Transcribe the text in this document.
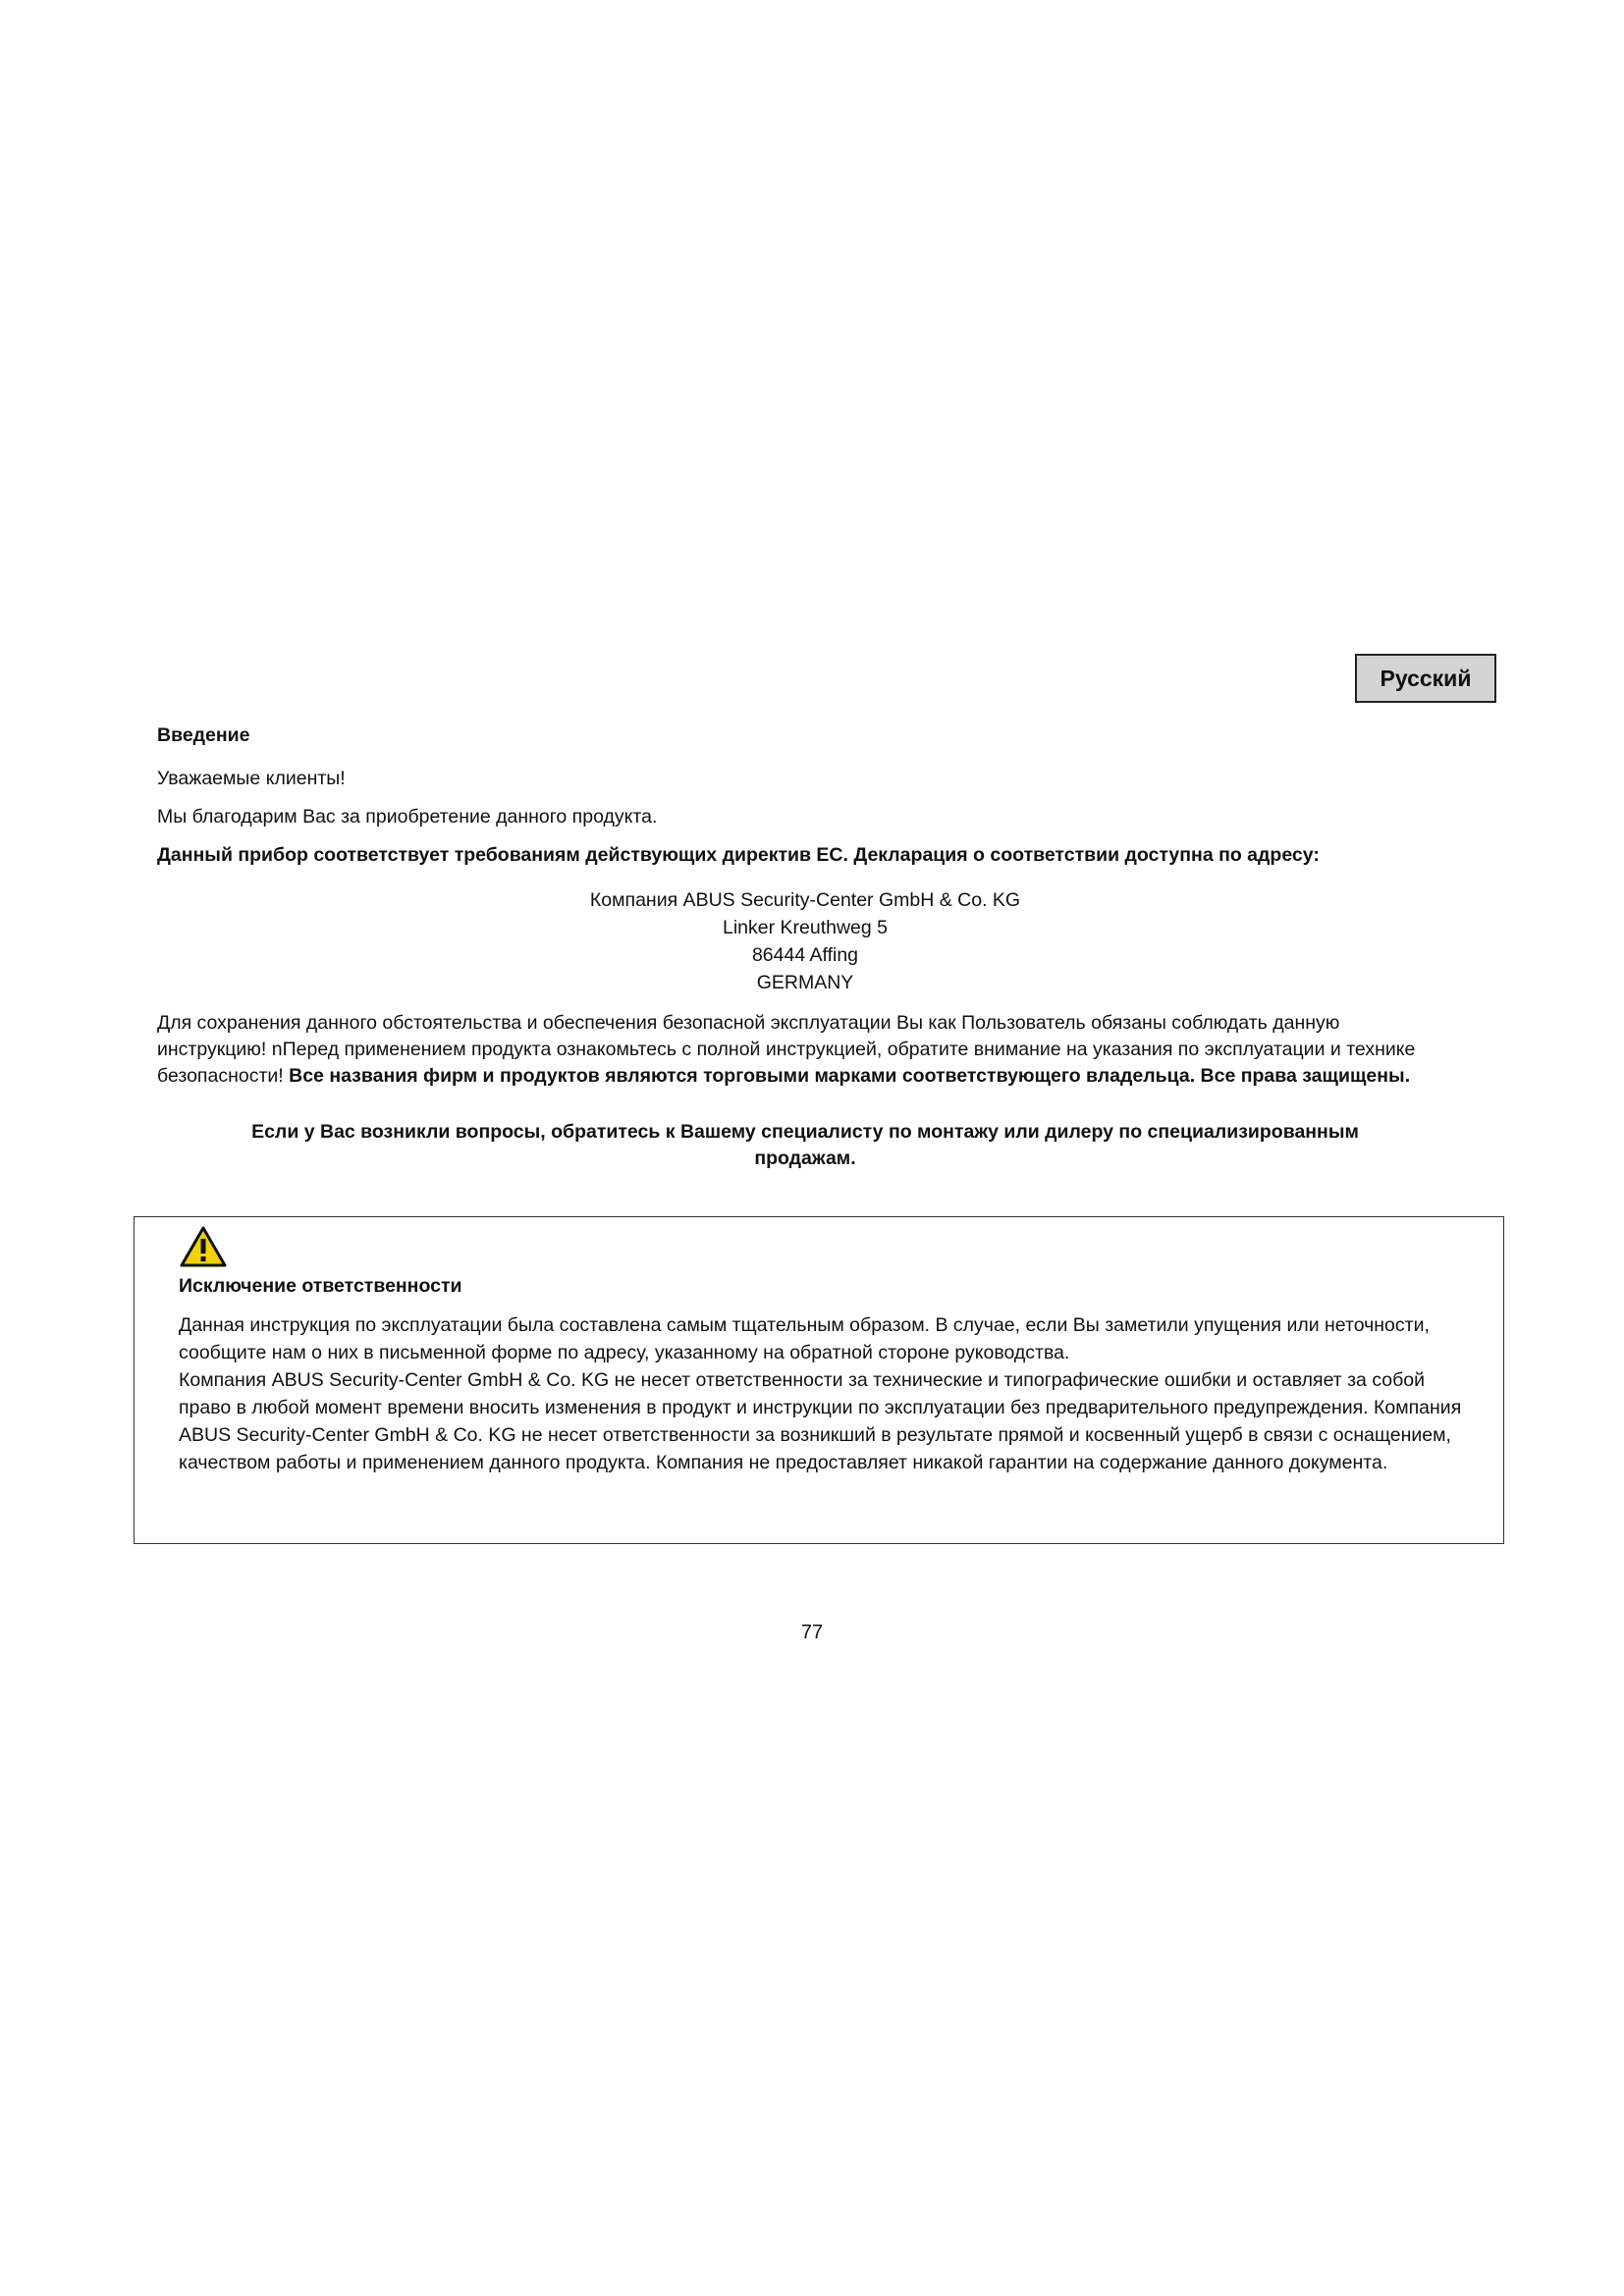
Русский

Введение

Уважаемые клиенты!

Мы благодарим Вас за приобретение данного продукта.

Данный прибор соответствует требованиям действующих директив ЕС. Декларация о соответствии доступна по адресу:

Компания ABUS Security-Center GmbH & Co. KG
Linker Kreuthweg 5
86444 Affing
GERMANY

Для сохранения данного обстоятельства и обеспечения безопасной эксплуатации Вы как Пользователь обязаны соблюдать данную инструкцию! nПеред применением продукта ознакомьтесь с полной инструкцией, обратите внимание на указания по эксплуатации и технике безопасности! Все названия фирм и продуктов являются торговыми марками соответствующего владельца. Все права защищены.

Если у Вас возникли вопросы, обратитесь к Вашему специалисту по монтажу или дилеру по специализированным продажам.

Исключение ответственности
Данная инструкция по эксплуатации была составлена самым тщательным образом. В случае, если Вы заметили упущения или неточности, сообщите нам о них в письменной форме по адресу, указанному на обратной стороне руководства.
Компания ABUS Security-Center GmbH & Co. KG не несет ответственности за технические и типографические ошибки и оставляет за собой право в любой момент времени вносить изменения в продукт и инструкции по эксплуатации без предварительного предупреждения. Компания ABUS Security-Center GmbH & Co. KG не несет ответственности за возникший в результате прямой и косвенный ущерб в связи с оснащением, качеством работы и применением данного продукта. Компания не предоставляет никакой гарантии на содержание данного документа.
77
